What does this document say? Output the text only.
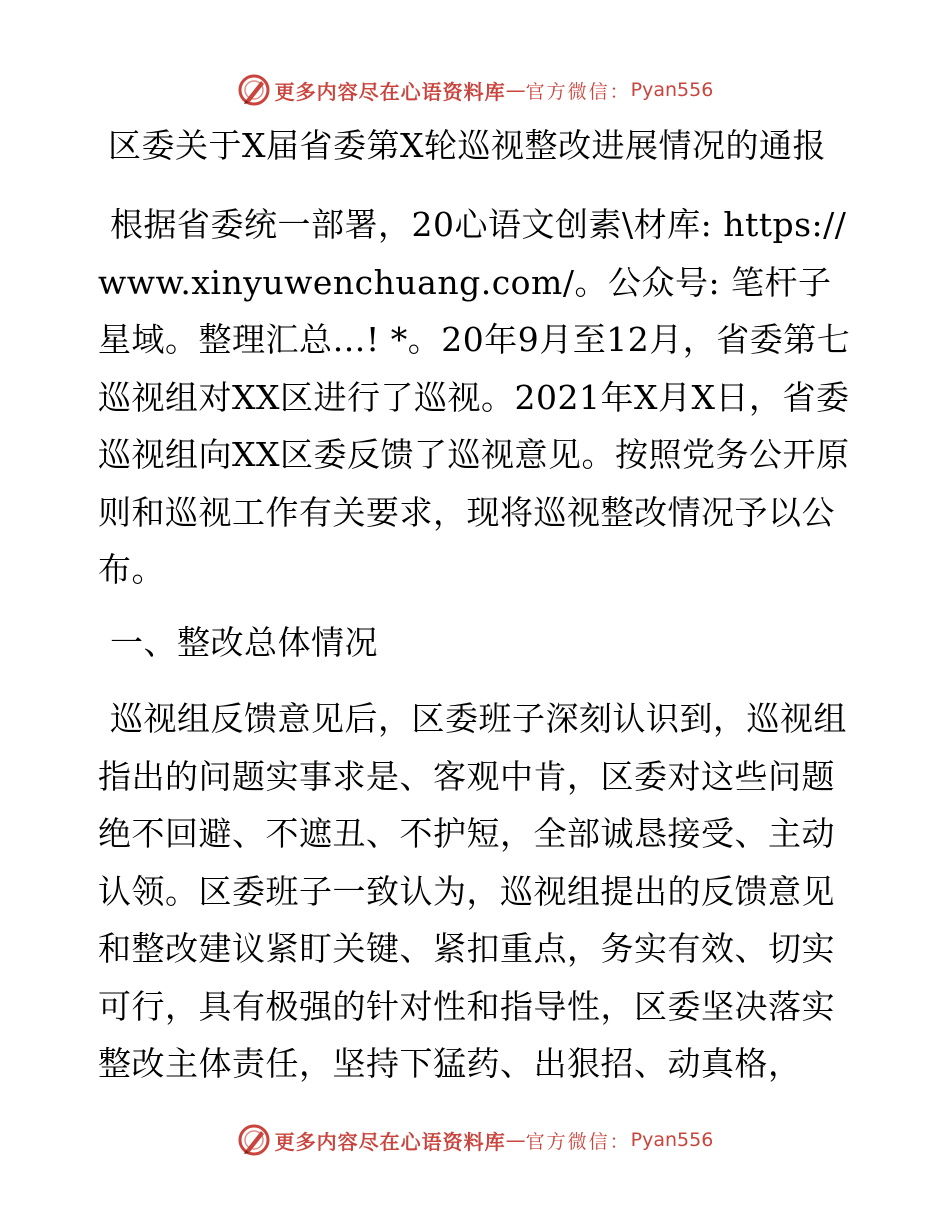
更多内容尽在心语资料库 — 官方微信： Pyan556
区委关于X届省委第X轮巡视整改进展情况的通报

根据省委统一部署，20心语文创素\材库: https://www.xinyuwenchuang.com/。公众号: 笔杆子星域。整理汇总…! *。20年9月至12月，省委第七巡视组对XX区进行了巡视。2021年X月X日，省委巡视组向XX区委反馈了巡视意见。按照党务公开原则和巡视工作有关要求，现将巡视整改情况予以公布。

一、整改总体情况

巡视组反馈意见后，区委班子深刻认识到，巡视组指出的问题实事求是、客观中肯，区委对这些问题绝不回避、不遮丑、不护短，全部诚恳接受、主动认领。区委班子一致认为，巡视组提出的反馈意见和整改建议紧盯关键、紧扣重点，务实有效、切实可行，具有极强的针对性和指导性，区委坚决落实整改主体责任，坚持下猛药、出狠招、动真格，

更多内容尽在心语资料库 — 官方微信： Pyan556
